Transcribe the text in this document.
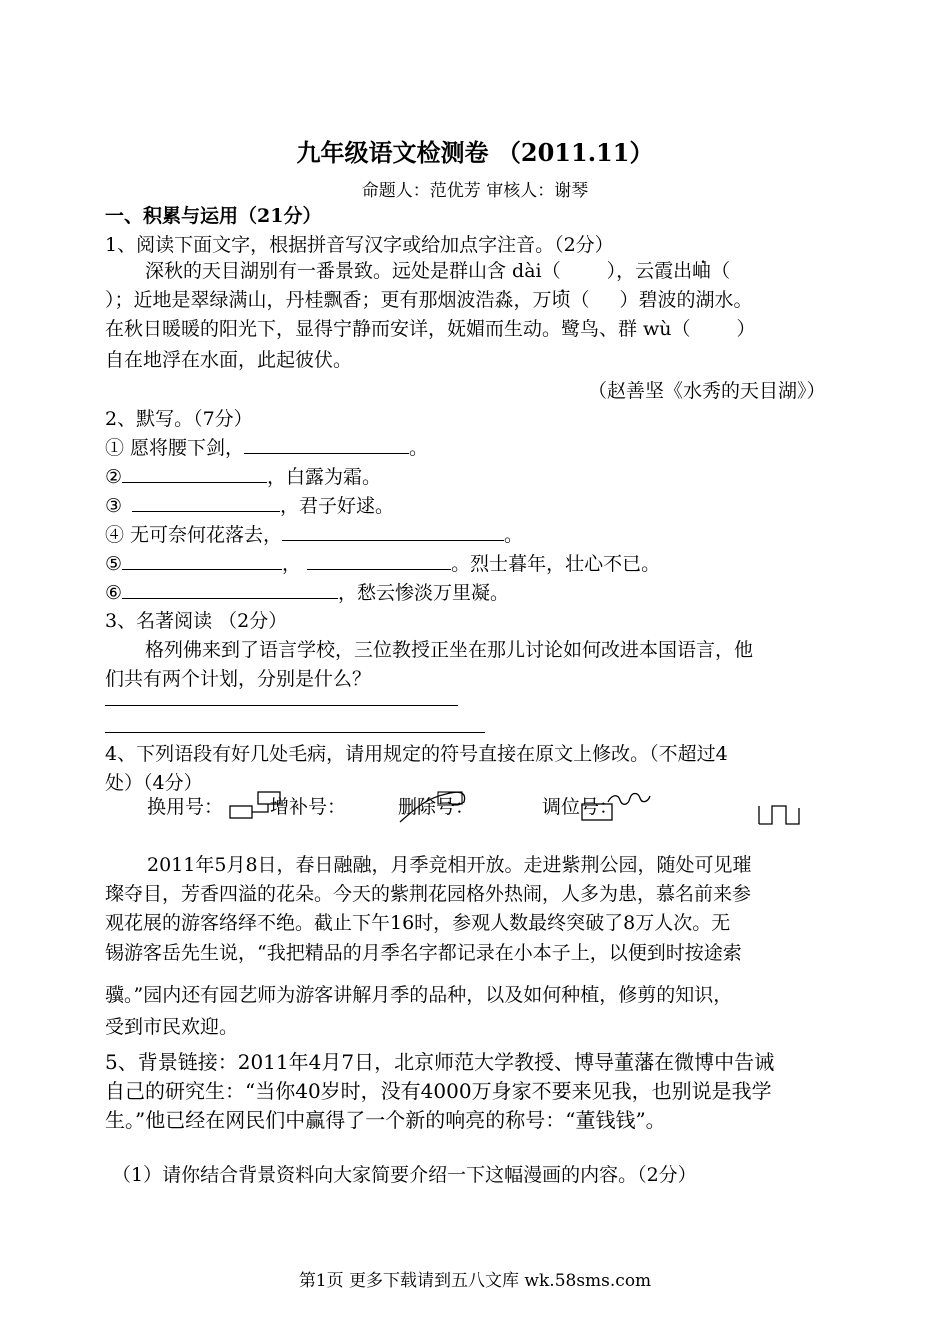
九年级语文检测卷 （2011.11）
命题人：范优芳 审核人：谢琴
一、积累与运用（21分）
1、阅读下面文字，根据拼音写汉字或给加点字注音。（2分）
深秋的天目湖别有一番景致。远处是群山含 dài（ ），云霞出岫（
）；近地是翠绿满山，丹桂飘香；更有那烟波浩淼，万顷（ ）碧波的湖水。
在秋日暖暖的阳光下，显得宁静而安详，妩媚而生动。鹭鸟、群 wù（ ）
自在地浮在水面，此起彼伏。
（赵善坚《水秀的天目湖》）
2、默写。（7分）
① 愿将腰下剑，	。
②	，白露为霜。
③	，君子好逑。
④ 无可奈何花落去，	。
⑤	，	。烈士暮年，壮心不已。
⑥	，愁云惨淡万里凝。
3、名著阅读 （2分）
格列佛来到了语言学校，三位教授正坐在那儿讨论如何改进本国语言，他
们共有两个计划，分别是什么？
4、下列语段有好几处毛病，请用规定的符号直接在原文上修改。（不超过4
处）（4分）
换用号： 增补号：	删除号：	调位号：
2011年5月8日，春日融融，月季竞相开放。走进紫荆公园，随处可见璀
璨夺目，芳香四溢的花朵。今天的紫荆花园格外热闹，人多为患，慕名前来参
观花展的游客络绎不绝。截止下午16时，参观人数最终突破了8万人次。无
锡游客岳先生说，“我把精品的月季名字都记录在小本子上，以便到时按途索
骥。”园内还有园艺师为游客讲解月季的品种，以及如何种植，修剪的知识，
受到市民欢迎。
5、背景链接：2011年4月7日，北京师范大学教授、博导董藩在微博中告诫
自己的研究生：“当你40岁时，没有4000万身家不要来见我，也别说是我学
生。”他已经在网民们中赢得了一个新的响亮的称号：“董钱钱”。
（1）请你结合背景资料向大家简要介绍一下这幅漫画的内容。（2分）
第1页 更多下载请到五八文库 wk.58sms.com
